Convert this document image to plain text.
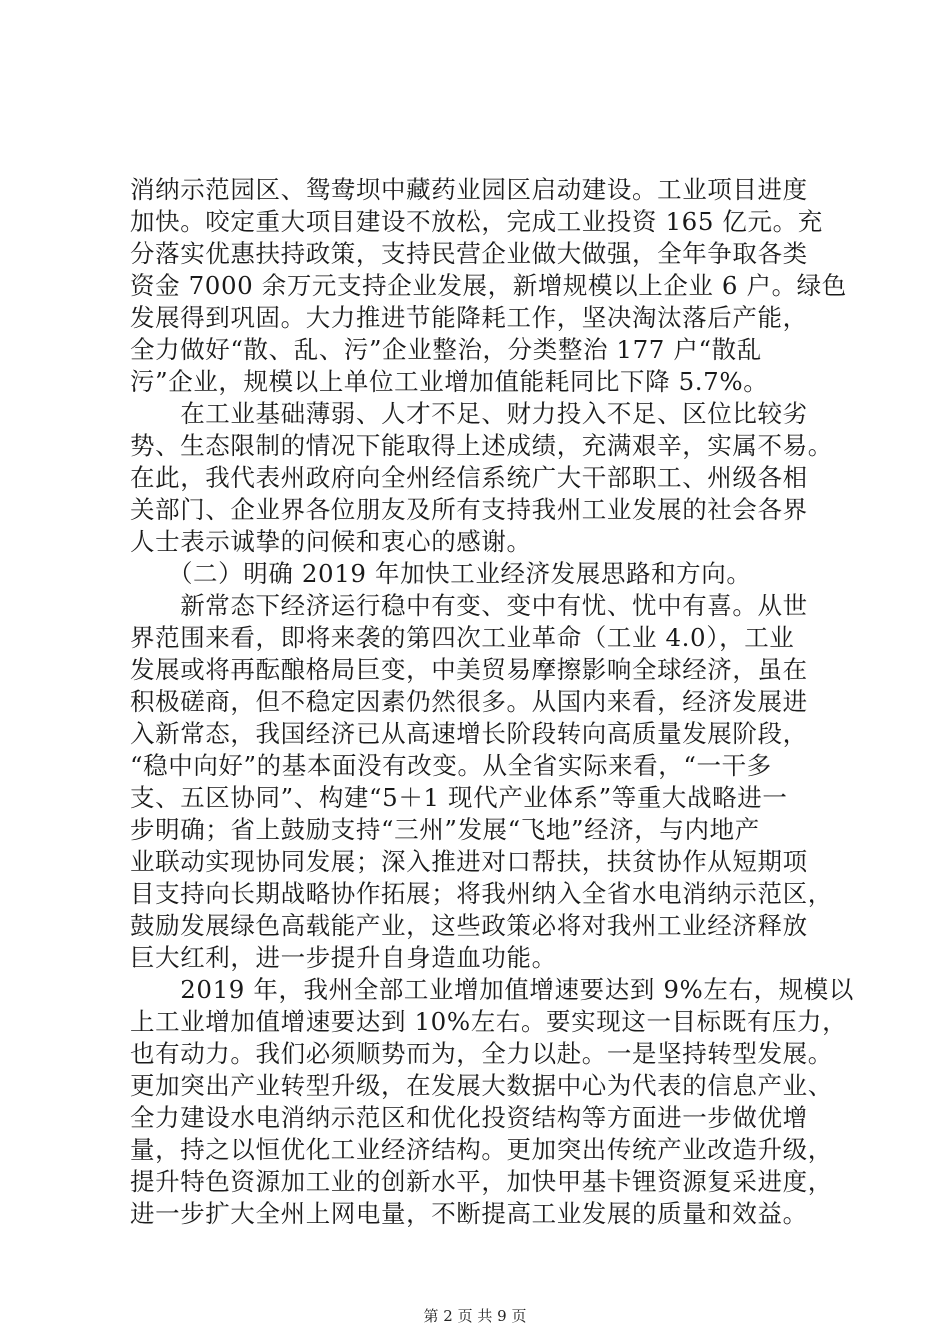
消纳示范园区、鸳鸯坝中藏药业园区启动建设。工业项目进度
加快。咬定重大项目建设不放松，完成工业投资 165 亿元。充
分落实优惠扶持政策，支持民营企业做大做强，全年争取各类
资金 7000 余万元支持企业发展，新增规模以上企业 6 户。绿色
发展得到巩固。大力推进节能降耗工作，坚决淘汰落后产能，
全力做好“散、乱、污”企业整治，分类整治 177 户“散乱
污”企业，规模以上单位工业增加值能耗同比下降 5.7%。
　　在工业基础薄弱、人才不足、财力投入不足、区位比较劣
势、生态限制的情况下能取得上述成绩，充满艰辛，实属不易。
在此，我代表州政府向全州经信系统广大干部职工、州级各相
关部门、企业界各位朋友及所有支持我州工业发展的社会各界
人士表示诚挚的问候和衷心的感谢。
　　（二）明确 2019 年加快工业经济发展思路和方向。
　　新常态下经济运行稳中有变、变中有忧、忧中有喜。从世
界范围来看，即将来袭的第四次工业革命（工业 4.0），工业
发展或将再酝酿格局巨变，中美贸易摩擦影响全球经济，虽在
积极磋商，但不稳定因素仍然很多。从国内来看，经济发展进
入新常态，我国经济已从高速增长阶段转向高质量发展阶段，
“稳中向好”的基本面没有改变。从全省实际来看，“一干多
支、五区协同”、构建“5＋1 现代产业体系”等重大战略进一
步明确；省上鼓励支持“三州”发展“飞地”经济，与内地产
业联动实现协同发展；深入推进对口帮扶，扶贫协作从短期项
目支持向长期战略协作拓展；将我州纳入全省水电消纳示范区，
鼓励发展绿色高载能产业，这些政策必将对我州工业经济释放
巨大红利，进一步提升自身造血功能。
　　2019 年，我州全部工业增加值增速要达到 9%左右，规模以
上工业增加值增速要达到 10%左右。要实现这一目标既有压力，
也有动力。我们必须顺势而为，全力以赴。一是坚持转型发展。
更加突出产业转型升级，在发展大数据中心为代表的信息产业、
全力建设水电消纳示范区和优化投资结构等方面进一步做优增
量，持之以恒优化工业经济结构。更加突出传统产业改造升级，
提升特色资源加工业的创新水平，加快甲基卡锂资源复采进度，
进一步扩大全州上网电量，不断提高工业发展的质量和效益。
第 2 页 共 9 页
